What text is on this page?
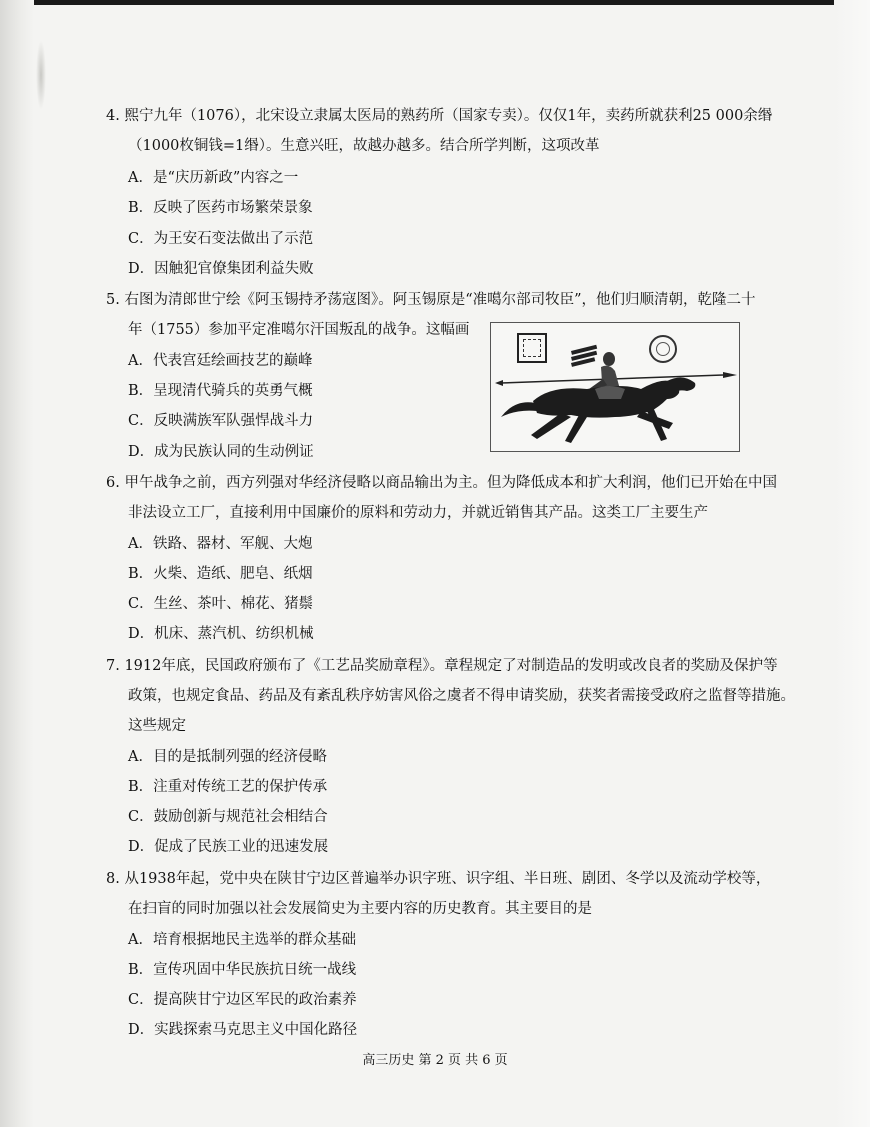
4. 熙宁九年（1076），北宋设立隶属太医局的熟药所（国家专卖）。仅仅1年，卖药所就获利25 000余缗
（1000枚铜钱=1缗）。生意兴旺，故越办越多。结合所学判断，这项改革
A．是“庆历新政”内容之一
B．反映了医药市场繁荣景象
C．为王安石变法做出了示范
D．因触犯官僚集团利益失败
5. 右图为清郎世宁绘《阿玉锡持矛荡寇图》。阿玉锡原是“准噶尔部司牧臣”，他们归顺清朝，乾隆二十
年（1755）参加平定准噶尔汗国叛乱的战争。这幅画
A．代表宫廷绘画技艺的巅峰
B．呈现清代骑兵的英勇气概
C．反映满族军队强悍战斗力
D．成为民族认同的生动例证
6. 甲午战争之前，西方列强对华经济侵略以商品输出为主。但为降低成本和扩大利润，他们已开始在中国
非法设立工厂，直接利用中国廉价的原料和劳动力，并就近销售其产品。这类工厂主要生产
A．铁路、器材、军舰、大炮
B．火柴、造纸、肥皂、纸烟
C．生丝、茶叶、棉花、猪鬃
D．机床、蒸汽机、纺织机械
7. 1912年底，民国政府颁布了《工艺品奖励章程》。章程规定了对制造品的发明或改良者的奖励及保护等
政策，也规定食品、药品及有紊乱秩序妨害风俗之虞者不得申请奖励，获奖者需接受政府之监督等措施。
这些规定
A．目的是抵制列强的经济侵略
B．注重对传统工艺的保护传承
C．鼓励创新与规范社会相结合
D．促成了民族工业的迅速发展
8. 从1938年起，党中央在陕甘宁边区普遍举办识字班、识字组、半日班、剧团、冬学以及流动学校等，
在扫盲的同时加强以社会发展简史为主要内容的历史教育。其主要目的是
A．培育根据地民主选举的群众基础
B．宣传巩固中华民族抗日统一战线
C．提高陕甘宁边区军民的政治素养
D．实践探索马克思主义中国化路径
高三历史 第 2 页 共 6 页
